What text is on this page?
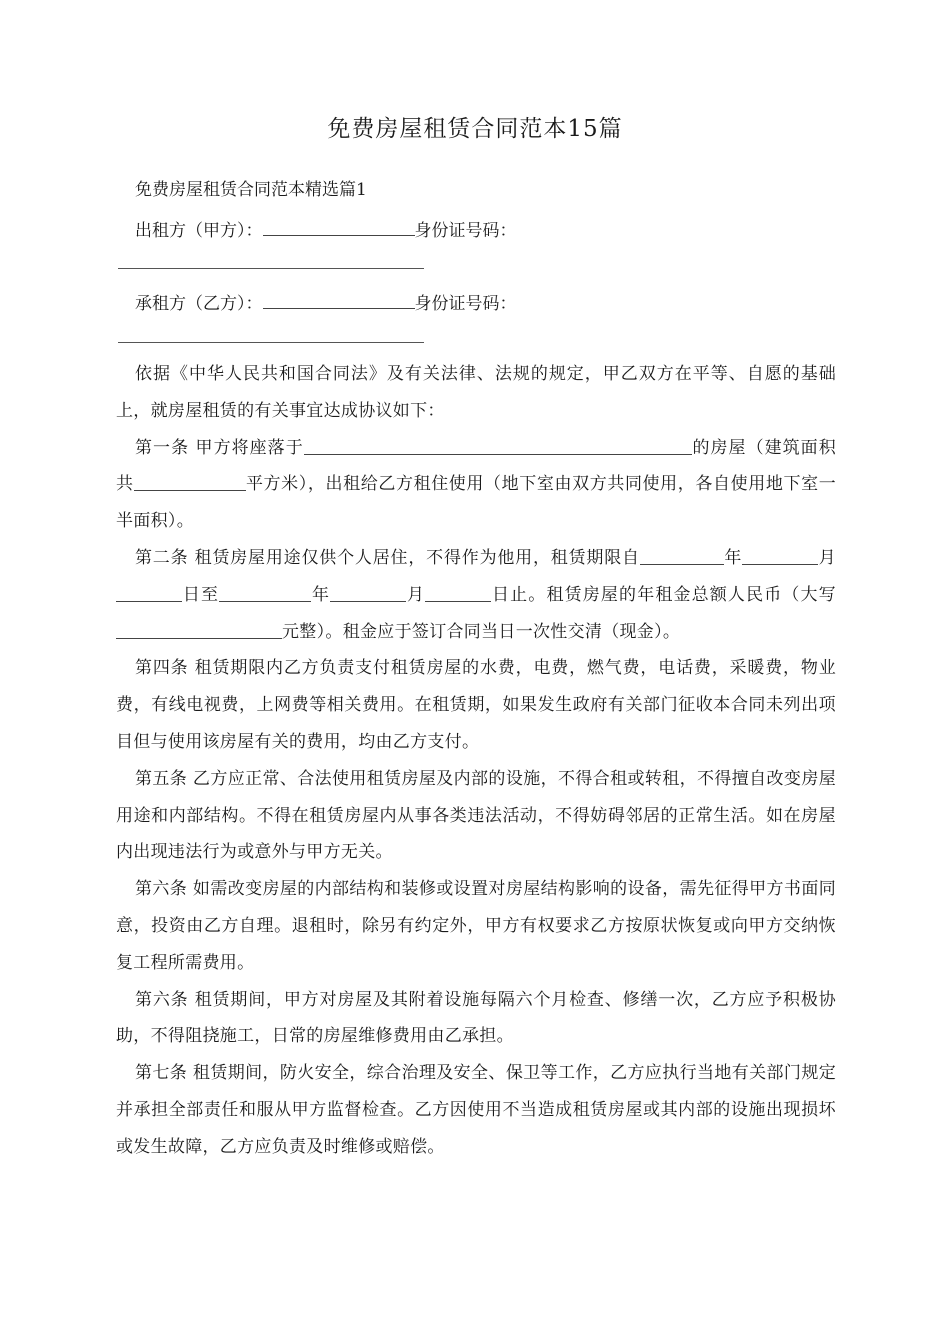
免费房屋租赁合同范本15篇
免费房屋租赁合同范本精选篇1
出租方（甲方）：	身份证号码：
承租方（乙方）：	身份证号码：

依据《中华人民共和国合同法》及有关法律、法规的规定，甲乙双方在平等、自愿的基础上，就房屋租赁的有关事宜达成协议如下：

第一条 甲方将座落于	的房屋（建筑面积共	平方米），出租给乙方租住使用（地下室由双方共同使用，各自使用地下室一半面积）。

第二条 租赁房屋用途仅供个人居住，不得作为他用，租赁期限自	年	月日至	年	月	日止。租赁房屋的年租金总额人民币（大写元整）。租金应于签订合同当日一次性交清（现金）。

第四条 租赁期限内乙方负责支付租赁房屋的水费，电费，燃气费，电话费，采暖费，物业费，有线电视费，上网费等相关费用。在租赁期，如果发生政府有关部门征收本合同未列出项目但与使用该房屋有关的费用，均由乙方支付。

第五条 乙方应正常、合法使用租赁房屋及内部的设施，不得合租或转租，不得擅自改变房屋用途和内部结构。不得在租赁房屋内从事各类违法活动，不得妨碍邻居的正常生活。如在房屋内出现违法行为或意外与甲方无关。

第六条 如需改变房屋的内部结构和装修或设置对房屋结构影响的设备，需先征得甲方书面同意，投资由乙方自理。退租时，除另有约定外，甲方有权要求乙方按原状恢复或向甲方交纳恢复工程所需费用。

第六条 租赁期间，甲方对房屋及其附着设施每隔六个月检查、修缮一次，乙方应予积极协助，不得阻挠施工，日常的房屋维修费用由乙承担。

第七条 租赁期间，防火安全，综合治理及安全、保卫等工作，乙方应执行当地有关部门规定并承担全部责任和服从甲方监督检查。乙方因使用不当造成租赁房屋或其内部的设施出现损坏或发生故障，乙方应负责及时维修或赔偿。
